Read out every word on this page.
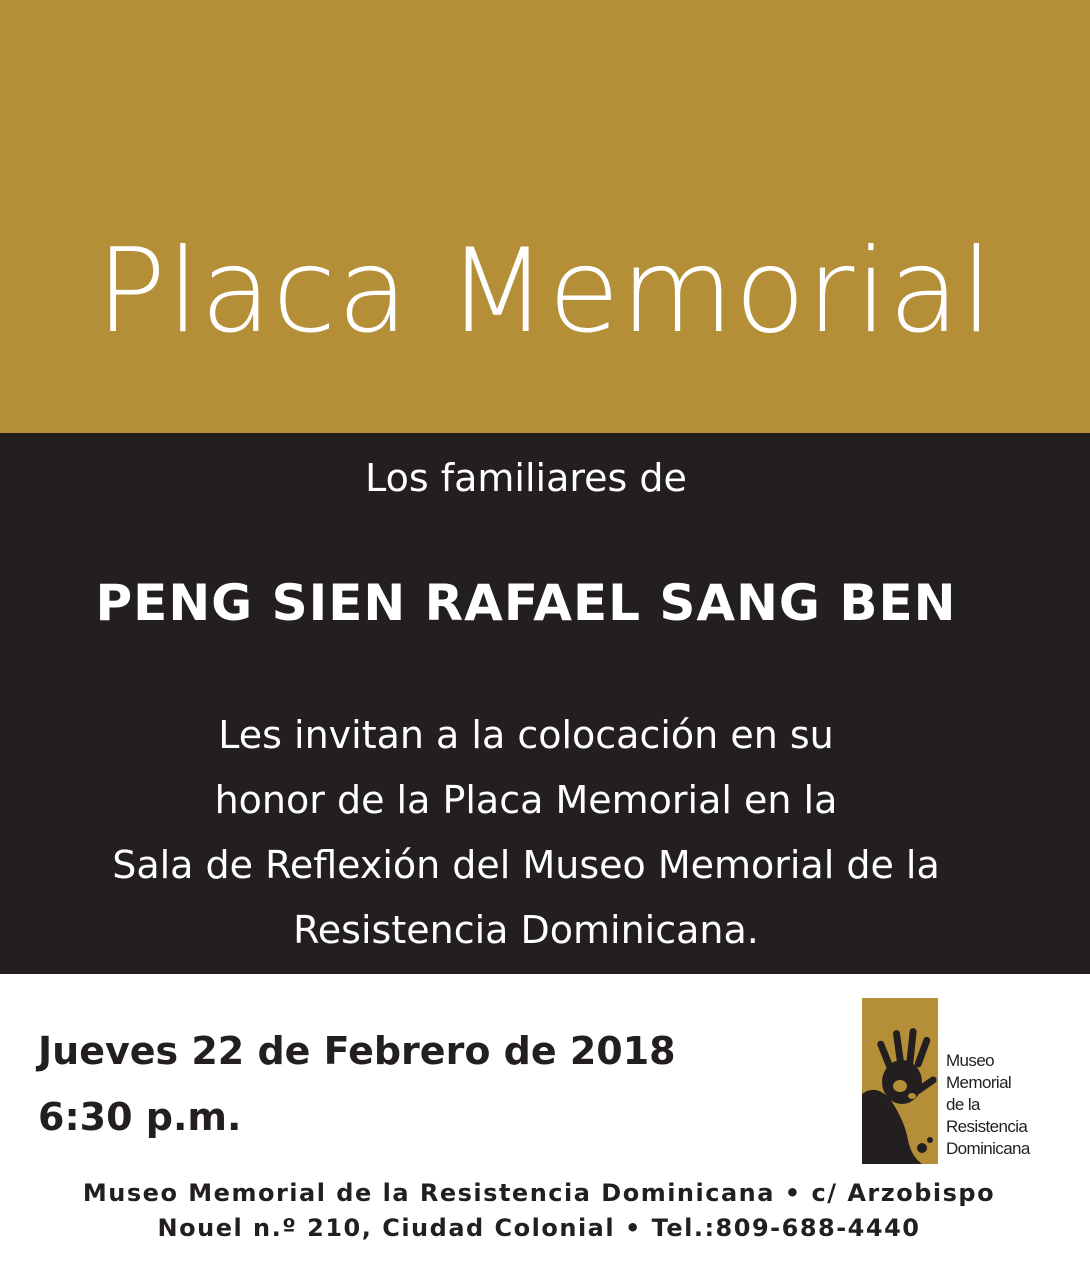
Placa Memorial
Los familiares de
PENG SIEN RAFAEL SANG BEN
Les invitan a la colocación en su
honor de la Placa Memorial en la
Sala de Reflexión del Museo Memorial de la
Resistencia Dominicana.
Jueves 22 de Febrero de 2018
6:30 p.m.
Museo
Memorial
de la
Resistencia
Dominicana
Museo Memorial de la Resistencia Dominicana • c/ Arzobispo
Nouel n.º 210, Ciudad Colonial • Tel.:809-688-4440
